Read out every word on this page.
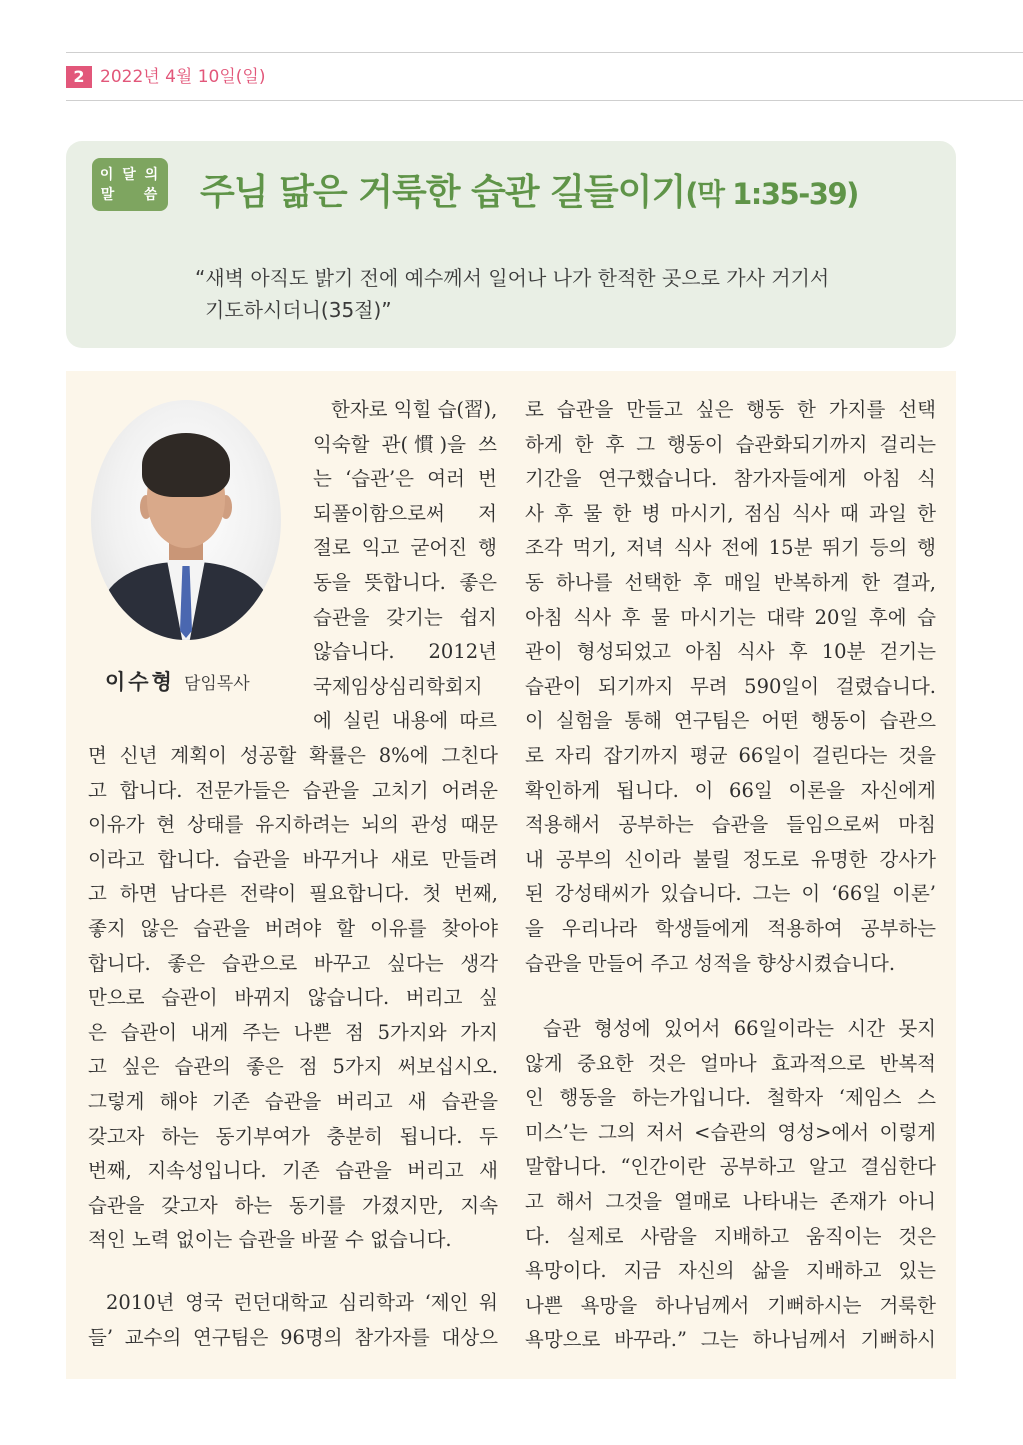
2 2022년 4월 10일(일)
이 달 의
말    씀 주님 닮은 거룩한 습관 길들이기(막 1:35-39)
“새벽 아직도 밝기 전에 예수께서 일어나 나가 한적한 곳으로 가사 거기서
기도하시더니(35절)”
이수형 담임목사
한자로 익힐 습(習),
익숙할 관(慣)을 쓰
는 ‘습관’은 여러 번
되풀이함으로써 저
절로 익고 굳어진 행
동을 뜻합니다. 좋은
습관을 갖기는 쉽지
않습니다. 2012년
국제임상심리학회지
에 실린 내용에 따르
면 신년 계획이 성공할 확률은 8%에 그친다
고 합니다. 전문가들은 습관을 고치기 어려운
이유가 현 상태를 유지하려는 뇌의 관성 때문
이라고 합니다. 습관을 바꾸거나 새로 만들려
고 하면 남다른 전략이 필요합니다. 첫 번째,
좋지 않은 습관을 버려야 할 이유를 찾아야
합니다. 좋은 습관으로 바꾸고 싶다는 생각
만으로 습관이 바뀌지 않습니다. 버리고 싶
은 습관이 내게 주는 나쁜 점 5가지와 가지
고 싶은 습관의 좋은 점 5가지 써보십시오.
그렇게 해야 기존 습관을 버리고 새 습관을
갖고자 하는 동기부여가 충분히 됩니다. 두
번째, 지속성입니다. 기존 습관을 버리고 새
습관을 갖고자 하는 동기를 가졌지만, 지속
적인 노력 없이는 습관을 바꿀 수 없습니다.
2010년 영국 런던대학교 심리학과 ‘제인 워
들’ 교수의 연구팀은 96명의 참가자를 대상으
로 습관을 만들고 싶은 행동 한 가지를 선택
하게 한 후 그 행동이 습관화되기까지 걸리는
기간을 연구했습니다. 참가자들에게 아침 식
사 후 물 한 병 마시기, 점심 식사 때 과일 한
조각 먹기, 저녁 식사 전에 15분 뛰기 등의 행
동 하나를 선택한 후 매일 반복하게 한 결과,
아침 식사 후 물 마시기는 대략 20일 후에 습
관이 형성되었고 아침 식사 후 10분 걷기는
습관이 되기까지 무려 590일이 걸렸습니다.
이 실험을 통해 연구팀은 어떤 행동이 습관으
로 자리 잡기까지 평균 66일이 걸린다는 것을
확인하게 됩니다. 이 66일 이론을 자신에게
적용해서 공부하는 습관을 들임으로써 마침
내 공부의 신이라 불릴 정도로 유명한 강사가
된 강성태씨가 있습니다. 그는 이 ‘66일 이론’
을 우리나라 학생들에게 적용하여 공부하는
습관을 만들어 주고 성적을 향상시켰습니다.
습관 형성에 있어서 66일이라는 시간 못지
않게 중요한 것은 얼마나 효과적으로 반복적
인 행동을 하는가입니다. 철학자 ‘제임스 스
미스’는 그의 저서 <습관의 영성>에서 이렇게
말합니다. “인간이란 공부하고 알고 결심한다
고 해서 그것을 열매로 나타내는 존재가 아니
다. 실제로 사람을 지배하고 움직이는 것은
욕망이다. 지금 자신의 삶을 지배하고 있는
나쁜 욕망을 하나님께서 기뻐하시는 거룩한
욕망으로 바꾸라.” 그는 하나님께서 기뻐하시
